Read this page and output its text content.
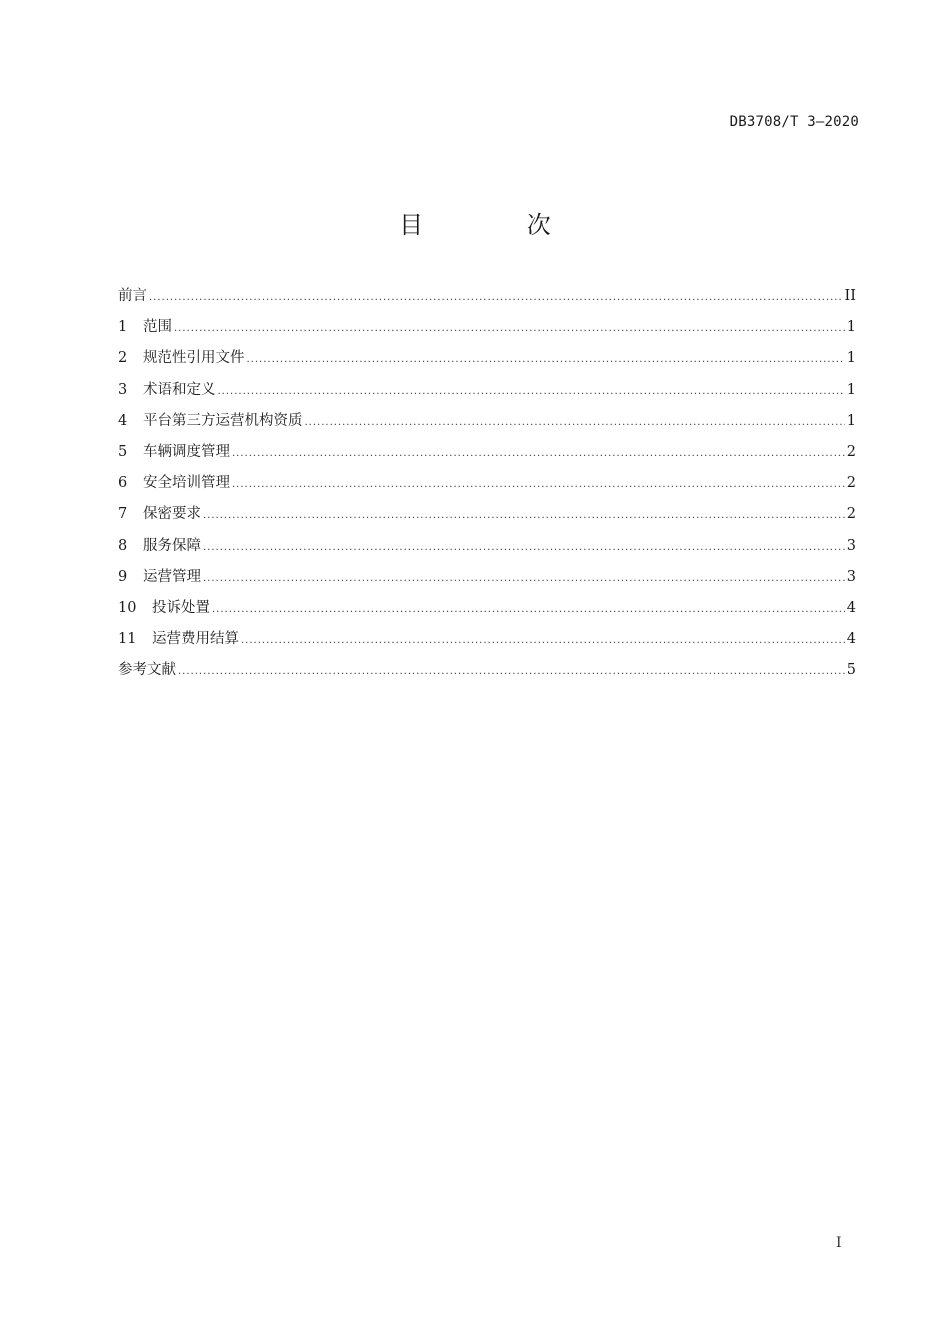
DB3708/T 3—2020
目 次
前言 .....	II
1	范围 .....	1
2	规范性引用文件 .....	1
3	术语和定义 .....	1
4	平台第三方运营机构资质 .....	1
5	车辆调度管理 .....	2
6	安全培训管理 .....	2
7	保密要求 .....	2
8	服务保障 .....	3
9	运营管理 .....	3
10	投诉处置 .....	4
11	运营费用结算 .....	4
参考文献 .....	5
I
